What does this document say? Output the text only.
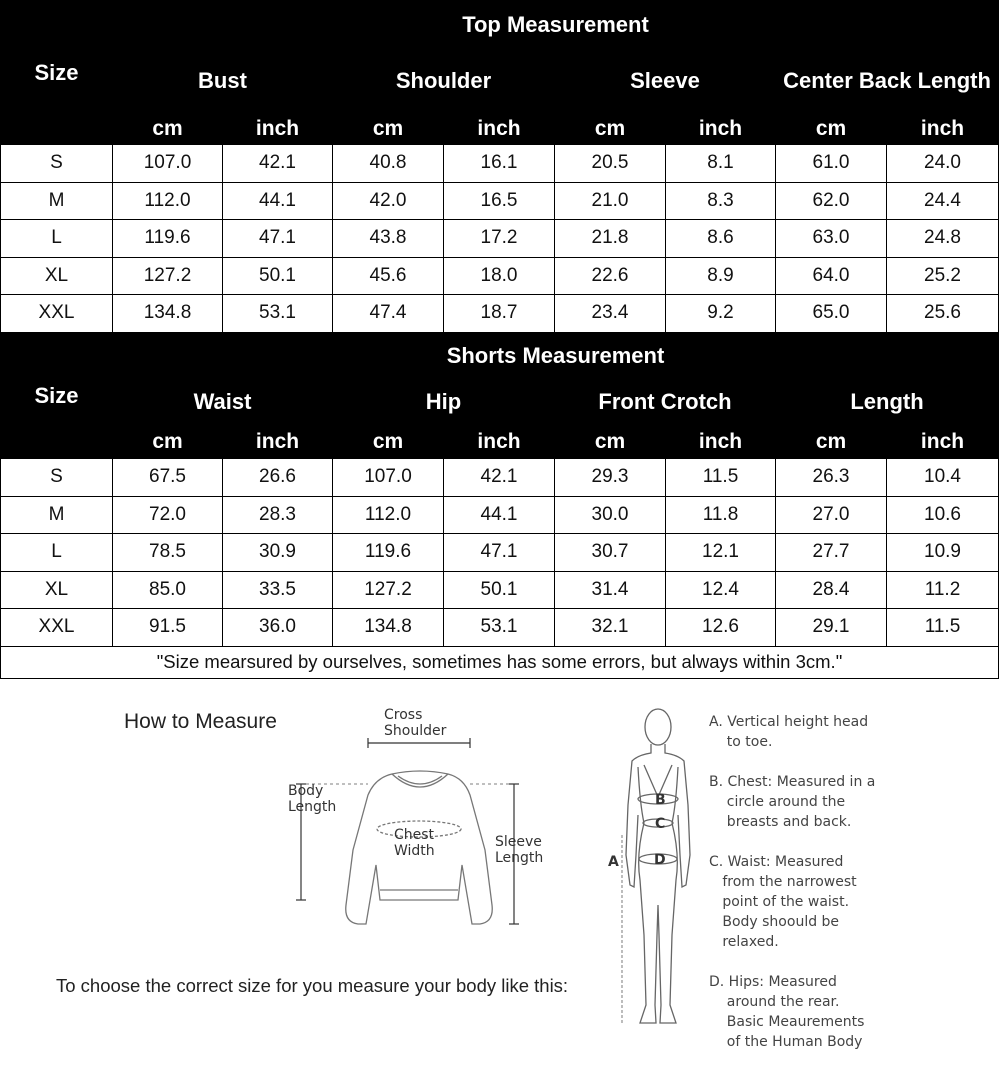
Size	Top Measurement							
	Bust		Shoulder		Sleeve		Center Back Length	
	cm	inch	cm	inch	cm	inch	cm	inch
S	107.0	42.1	40.8	16.1	20.5	8.1	61.0	24.0
M	112.0	44.1	42.0	16.5	21.0	8.3	62.0	24.4
L	119.6	47.1	43.8	17.2	21.8	8.6	63.0	24.8
XL	127.2	50.1	45.6	18.0	22.6	8.9	64.0	25.2
XXL	134.8	53.1	47.4	18.7	23.4	9.2	65.0	25.6
Size	Shorts Measurement							
	Waist		Hip		Front Crotch		Length	
	cm	inch	cm	inch	cm	inch	cm	inch
S	67.5	26.6	107.0	42.1	29.3	11.5	26.3	10.4
M	72.0	28.3	112.0	44.1	30.0	11.8	27.0	10.6
L	78.5	30.9	119.6	47.1	30.7	12.1	27.7	10.9
XL	85.0	33.5	127.2	50.1	31.4	12.4	28.4	11.2
XXL	91.5	36.0	134.8	53.1	32.1	12.6	29.1	11.5
"Size mearsured by ourselves, sometimes has some errors, but always within 3cm."								
How to Measure
To choose the correct size for you measure your body like this:
Cross
Shoulder
Body
Length
Chest
Width
Sleeve
Length	A
B
C
D
A. Vertical height head
to toe.
B. Chest: Measured in a
circle around the
breasts and back.
C. Waist: Measured
from the narrowest
point of the waist.
Body shoould be
relaxed.
D. Hips: Measured
around the rear.
Basic Meaurements
of the Human Body
